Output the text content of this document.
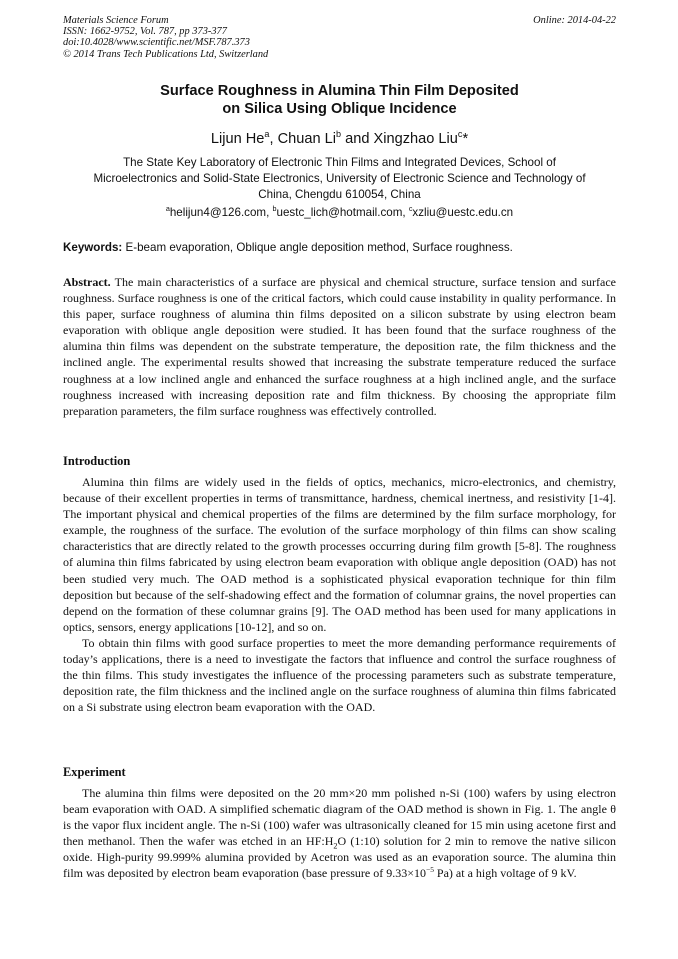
Materials Science Forum
ISSN: 1662-9752, Vol. 787, pp 373-377
doi:10.4028/www.scientific.net/MSF.787.373
© 2014 Trans Tech Publications Ltd, Switzerland
Online: 2014-04-22
Surface Roughness in Alumina Thin Film Deposited
on Silica Using Oblique Incidence
Lijun He$^a$, Chuan Li$^b$ and Xingzhao Liu$^c$*
The State Key Laboratory of Electronic Thin Films and Integrated Devices, School of
Microelectronics and Solid-State Electronics, University of Electronic Science and Technology of
China, Chengdu 610054, China
$^a$helijun4@126.com, $^b$uestc_lich@hotmail.com, $^c$xzliu@uestc.edu.cn
Keywords: E-beam evaporation, Oblique angle deposition method, Surface roughness.

Abstract. The main characteristics of a surface are physical and chemical structure, surface tension and surface roughness. Surface roughness is one of the critical factors, which could cause instability in quality performance. In this paper, surface roughness of alumina thin films deposited on a silicon substrate by using electron beam evaporation with oblique angle deposition were studied. It has been found that the surface roughness of the alumina thin films was dependent on the substrate temperature, the deposition rate, the film thickness and the inclined angle. The experimental results showed that increasing the substrate temperature reduced the surface roughness at a low inclined angle and enhanced the surface roughness at a high inclined angle, and the surface roughness increased with increasing deposition rate and film thickness. By choosing the appropriate film preparation parameters, the film surface roughness was effectively controlled.

Introduction

Alumina thin films are widely used in the fields of optics, mechanics, micro-electronics, and chemistry, because of their excellent properties in terms of transmittance, hardness, chemical inertness, and resistivity [1-4]. The important physical and chemical properties of the films are determined by the film surface morphology, for example, the roughness of the surface. The evolution of the surface morphology of thin films can show scaling characteristics that are directly related to the growth processes occurring during film growth [5-8]. The roughness of alumina thin films fabricated by using electron beam evaporation with oblique angle deposition (OAD) has not been studied very much. The OAD method is a sophisticated physical evaporation technique for thin film deposition but because of the self-shadowing effect and the formation of columnar grains, the novel properties can depend on the formation of these columnar grains [9]. The OAD method has been used for many applications in optics, sensors, energy applications [10-12], and so on.

To obtain thin films with good surface properties to meet the more demanding performance requirements of today’s applications, there is a need to investigate the factors that influence and control the surface roughness of the thin films. This study investigates the influence of the processing parameters such as substrate temperature, deposition rate, the film thickness and the inclined angle on the surface roughness of alumina thin films fabricated on a Si substrate using electron beam evaporation with the OAD.

Experiment

The alumina thin films were deposited on the 20 mm×20 mm polished n-Si (100) wafers by using electron beam evaporation with OAD. A simplified schematic diagram of the OAD method is shown in Fig. 1. The angle θ is the vapor flux incident angle. The n-Si (100) wafer was ultrasonically cleaned for 15 min using acetone first and then methanol. Then the wafer was etched in an $HF:H_2O$ (1:10) solution for 2 min to remove the native silicon oxide. High-purity 99.999% alumina provided by Acetron was used as an evaporation source. The alumina thin film was deposited by electron beam evaporation (base pressure of $9.33\times 10^{-5}$ Pa) at a high voltage of 9 kV.
